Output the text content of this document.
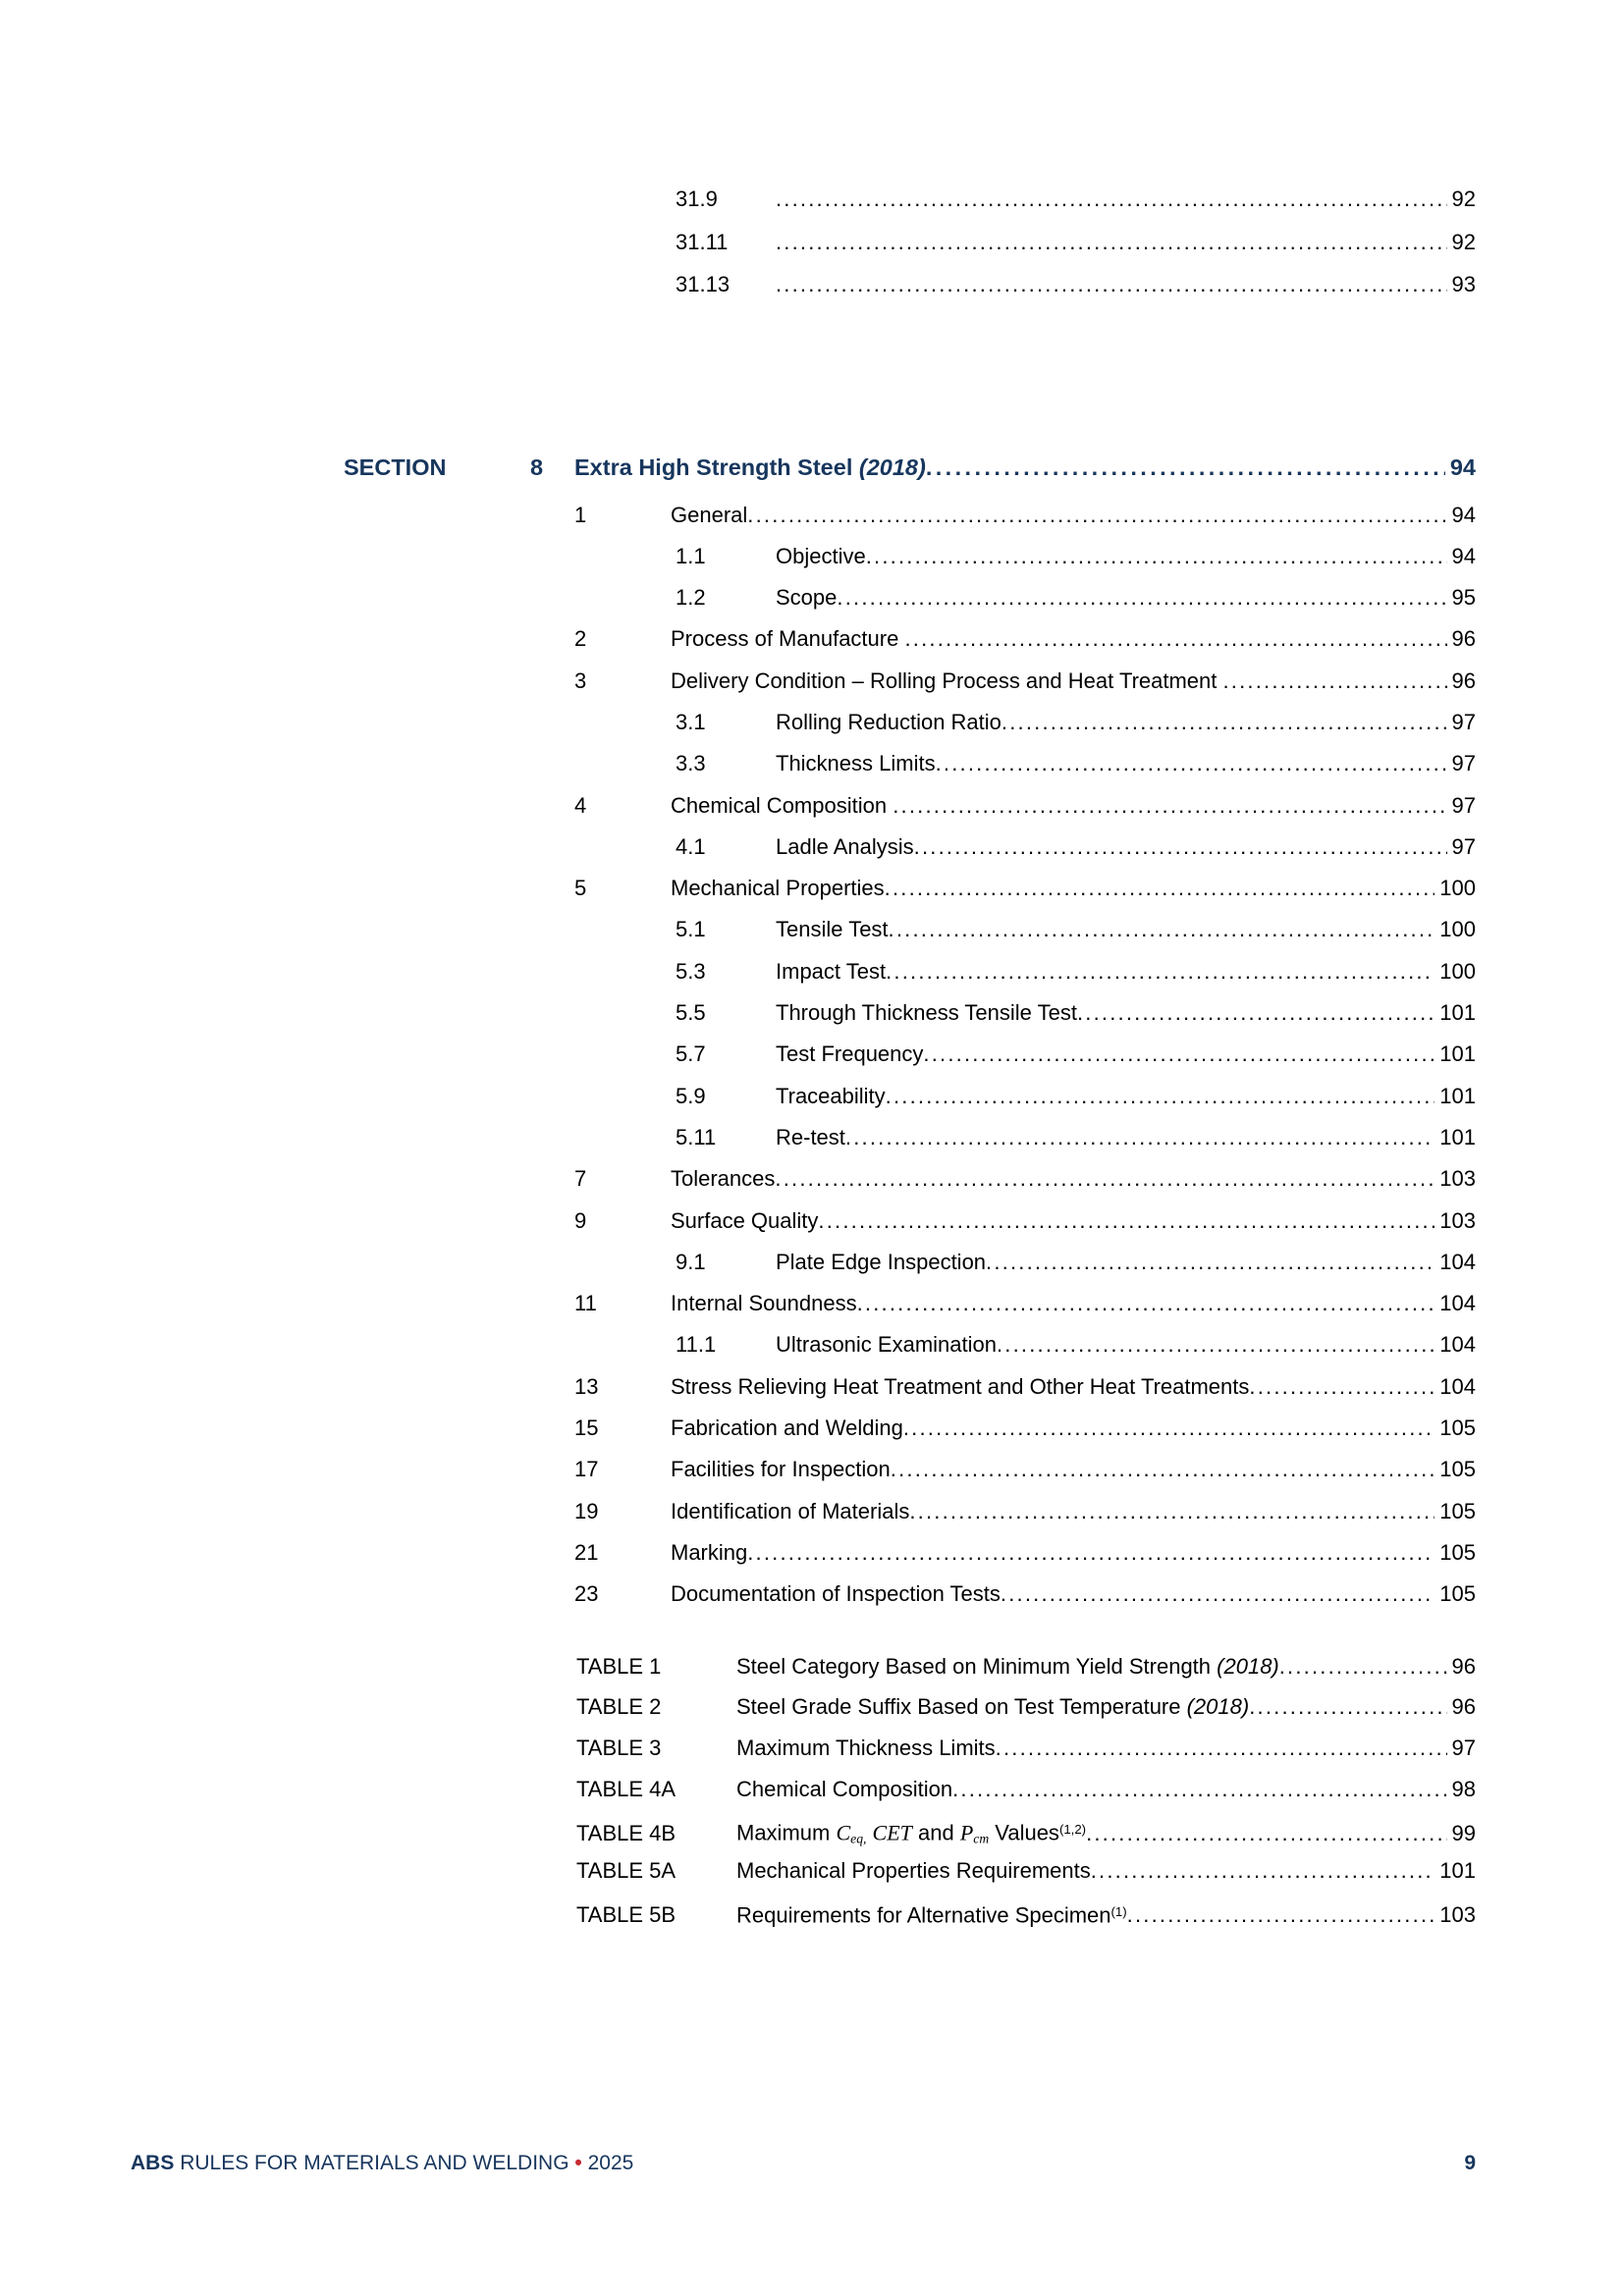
31.9 .....	92
31.11 .....	92
31.13 .....	93
SECTION	8	Extra High Strength Steel (2018) .....	94
1	General .....	94
1.1	Objective .....	94
1.2	Scope .....	95
2	Process of Manufacture .....	96
3	Delivery Condition – Rolling Process and Heat Treatment .....	96
3.1	Rolling Reduction Ratio .....	97
3.3	Thickness Limits .....	97
4	Chemical Composition .....	97
4.1	Ladle Analysis .....	97
5	Mechanical Properties .....	100
5.1	Tensile Test .....	100
5.3	Impact Test .....	100
5.5	Through Thickness Tensile Test .....	101
5.7	Test Frequency .....	101
5.9	Traceability .....	101
5.11	Re-test .....	101
7	Tolerances .....	103
9	Surface Quality .....	103
9.1	Plate Edge Inspection .....	104
11	Internal Soundness .....	104
11.1	Ultrasonic Examination .....	104
13	Stress Relieving Heat Treatment and Other Heat Treatments .....	104
15	Fabrication and Welding .....	105
17	Facilities for Inspection .....	105
19	Identification of Materials .....	105
21	Marking .....	105
23	Documentation of Inspection Tests .....	105
TABLE 1	Steel Category Based on Minimum Yield Strength (2018) .....	96
TABLE 2	Steel Grade Suffix Based on Test Temperature (2018) .....	96
TABLE 3	Maximum Thickness Limits .....	97
TABLE 4A	Chemical Composition .....	98
TABLE 4B	Maximum Ceq, CET and Pcm Values$^{(1,2)}$ .....	99
TABLE 5A	Mechanical Properties Requirements .....	101
TABLE 5B	Requirements for Alternative Specimen$^{(1)}$ .....	103
ABS RULES FOR MATERIALS AND WELDING • 2025	9
